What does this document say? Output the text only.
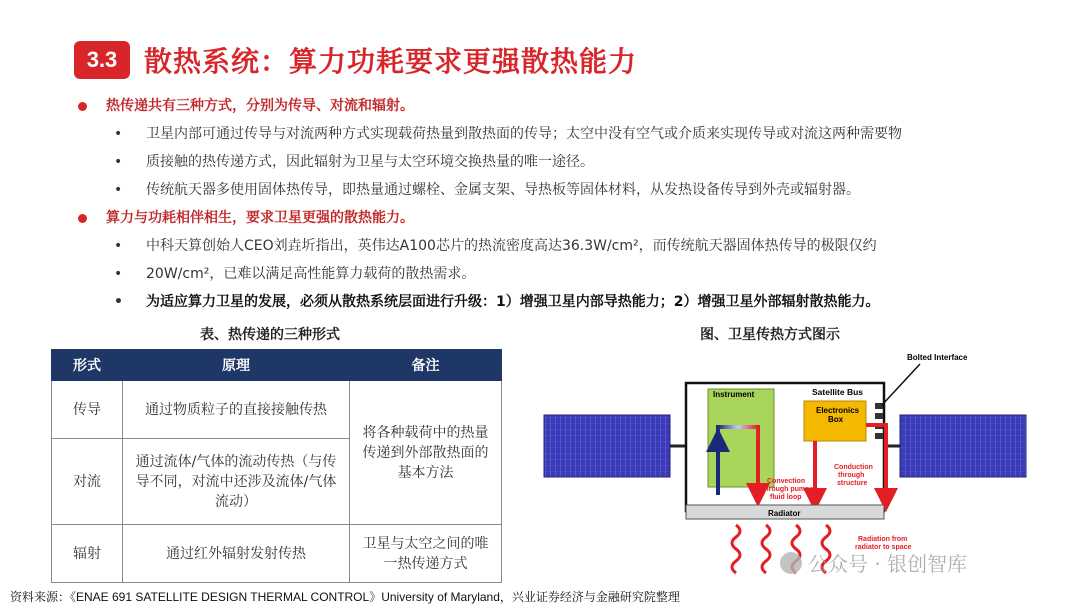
3.3 散热系统：算力功耗要求更强散热能力
热传递共有三种方式，分别为传导、对流和辐射。
• 卫星内部可通过传导与对流两种方式实现载荷热量到散热面的传导；太空中没有空气或介质来实现传导或对流这两种需要物
• 质接触的热传递方式，因此辐射为卫星与太空环境交换热量的唯一途径。
• 传统航天器多使用固体热传导，即热量通过螺栓、金属支架、导热板等固体材料，从发热设备传导到外壳或辐射器。
算力与功耗相伴相生，要求卫星更强的散热能力。
• 中科天算创始人CEO刘垚圻指出，英伟达A100芯片的热流密度高达36.3W/cm²，而传统航天器固体热传导的极限仅约
• 20W/cm²，已难以满足高性能算力载荷的散热需求。
• 为适应算力卫星的发展，必须从散热系统层面进行升级：1）增强卫星内部导热能力；2）增强卫星外部辐射散热能力。
表、热传递的三种形式
形式	原理	备注
传导	通过物质粒子的直接接触传热	将各种载荷中的热量传递到外部散热面的基本方法
对流	通过流体/气体的流动传热（与传导不同，对流中还涉及流体/气体流动）	
辐射	通过红外辐射发射传热	卫星与太空之间的唯一热传递方式
图、卫星传热方式图示
Satellite Bus
Instrument
Electronics
Box
Bolted Interface
Convection
through pumped
fluid loop
Conduction
through
structure
Radiator
Radiation from
radiator to space
公众号 · 银创智库
资料来源：《ENAE 691 SATELLITE DESIGN THERMAL CONTROL》University of Maryland，兴业证券经济与金融研究院整理
